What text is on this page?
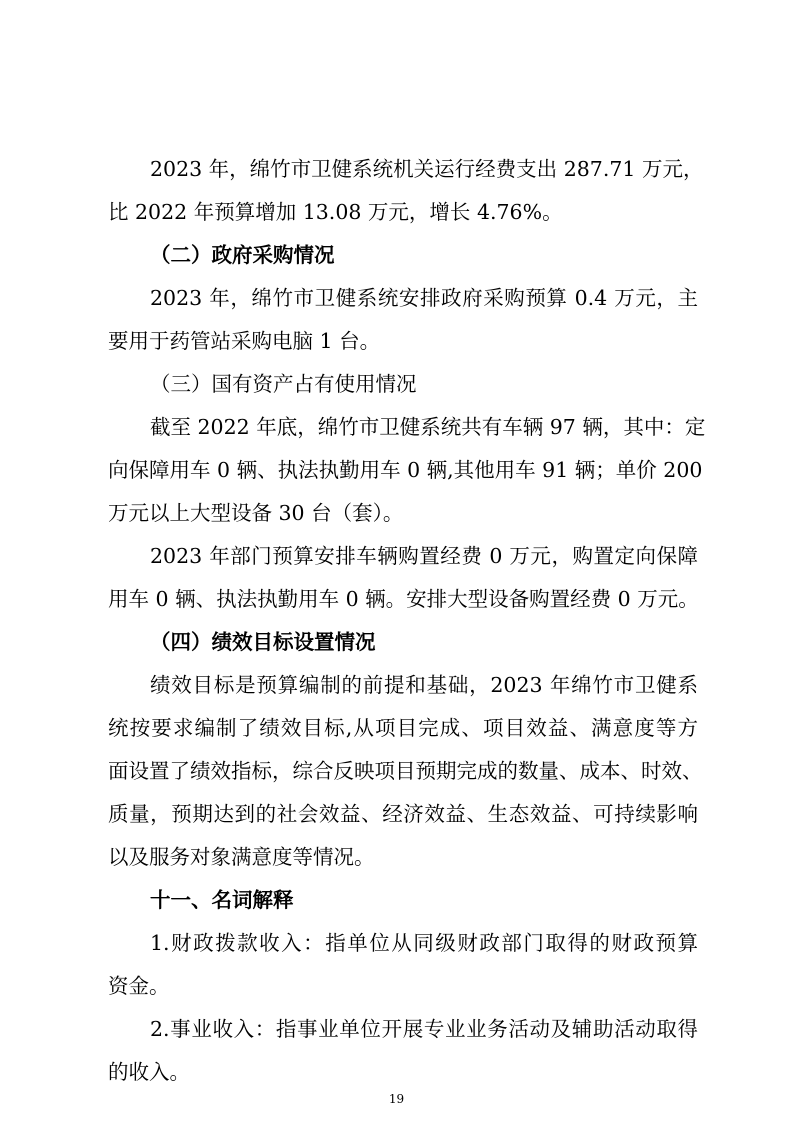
2023 年，绵竹市卫健系统机关运行经费支出 287.71 万元，
比 2022 年预算增加 13.08 万元，增长 4.76%。
（二）政府采购情况
2023 年，绵竹市卫健系统安排政府采购预算 0.4 万元，主
要用于药管站采购电脑 1 台。
（三）国有资产占有使用情况
截至 2022 年底，绵竹市卫健系统共有车辆 97 辆，其中：定
向保障用车 0 辆、执法执勤用车 0 辆,其他用车 91 辆；单价 200
万元以上大型设备 30 台（套）。
2023 年部门预算安排车辆购置经费 0 万元，购置定向保障
用车 0 辆、执法执勤用车 0 辆。安排大型设备购置经费 0 万元。
（四）绩效目标设置情况
绩效目标是预算编制的前提和基础，2023 年绵竹市卫健系
统按要求编制了绩效目标,从项目完成、项目效益、满意度等方
面设置了绩效指标，综合反映项目预期完成的数量、成本、时效、
质量，预期达到的社会效益、经济效益、生态效益、可持续影响
以及服务对象满意度等情况。
十一、名词解释
1.财政拨款收入：指单位从同级财政部门取得的财政预算
资金。
2.事业收入：指事业单位开展专业业务活动及辅助活动取得
的收入。
19
